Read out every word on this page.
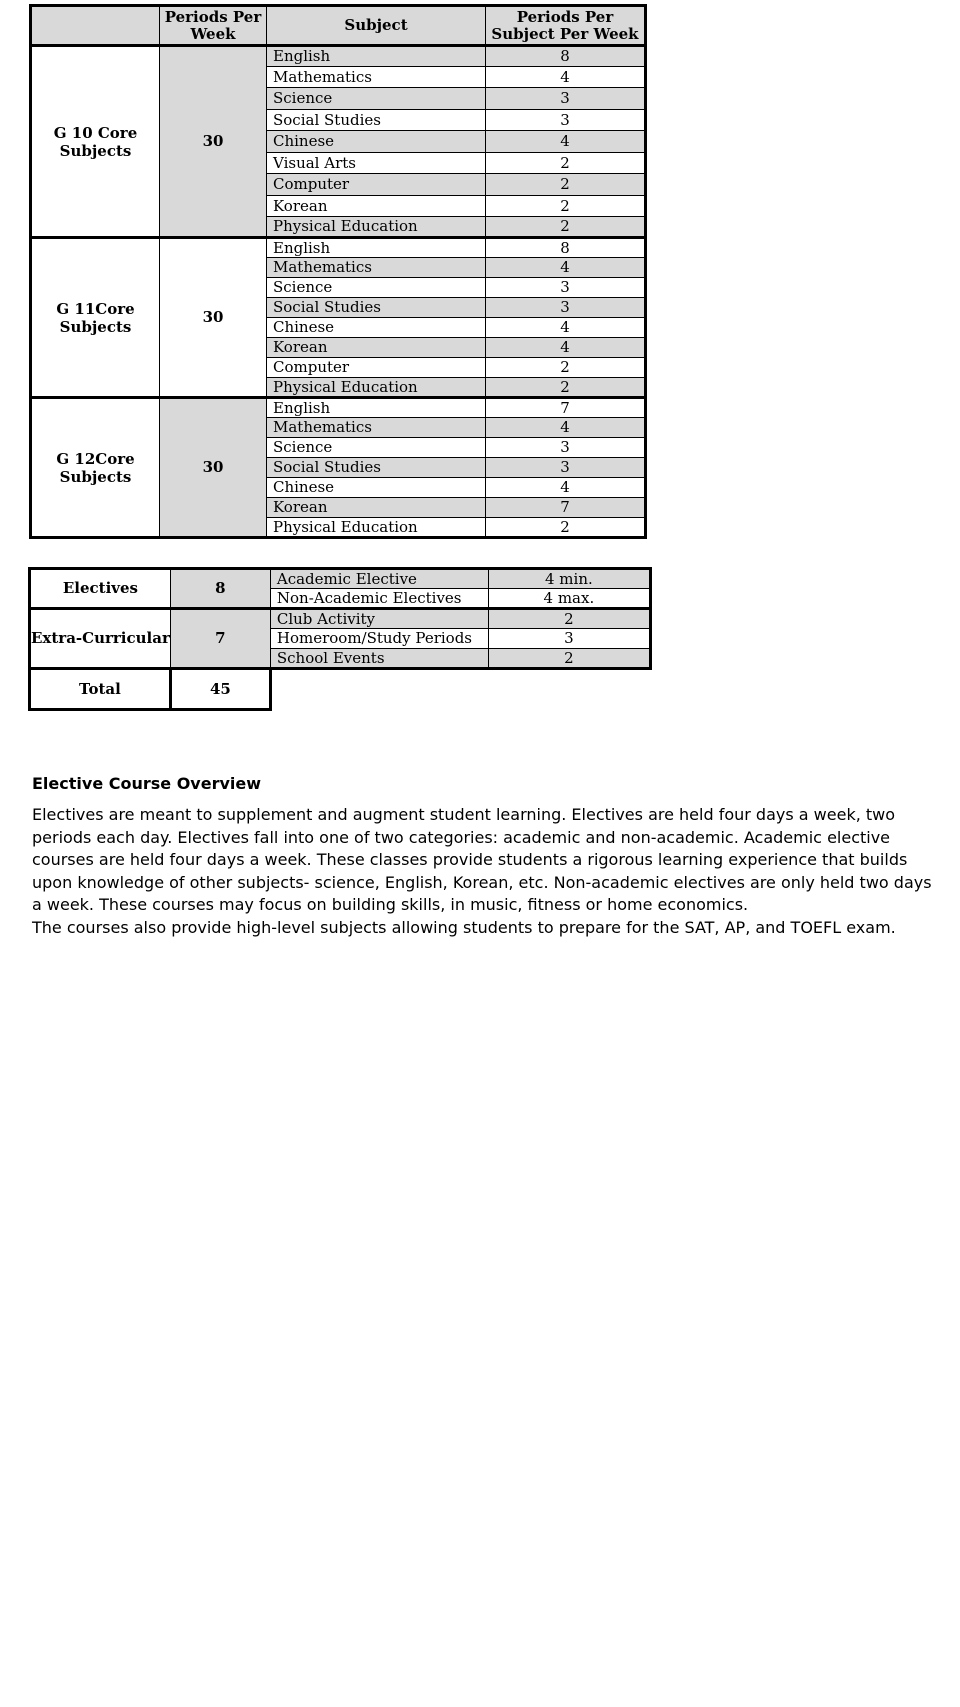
	Periods Per Week	Subject	Periods Per Subject Per Week
G 10 Core Subjects	30	English	8
		Mathematics	4
		Science	3
		Social Studies	3
		Chinese	4
		Visual Arts	2
		Computer	2
		Korean	2
		Physical Education	2
G 11Core Subjects	30	English	8
		Mathematics	4
		Science	3
		Social Studies	3
		Chinese	4
		Korean	4
		Computer	2
		Physical Education	2
G 12Core Subjects	30	English	7
		Mathematics	4
		Science	3
		Social Studies	3
		Chinese	4
		Korean	7
		Physical Education	2
Electives	8	Academic Elective	4 min.
		Non-Academic Electives	4 max.
Extra-Curricular	7	Club Activity	2
		Homeroom/Study Periods	3
		School Events	2
Total	45		
Elective Course Overview

Electives are meant to supplement and augment student learning. Electives are held four days a week, two periods each day. Electives fall into one of two categories: academic and non-academic. Academic elective courses are held four days a week. These classes provide students a rigorous learning experience that builds upon knowledge of other subjects- science, English, Korean, etc. Non-academic electives are only held two days a week. These courses may focus on building skills, in music, fitness or home economics.

The courses also provide high-level subjects allowing students to prepare for the SAT, AP, and TOEFL exam.
